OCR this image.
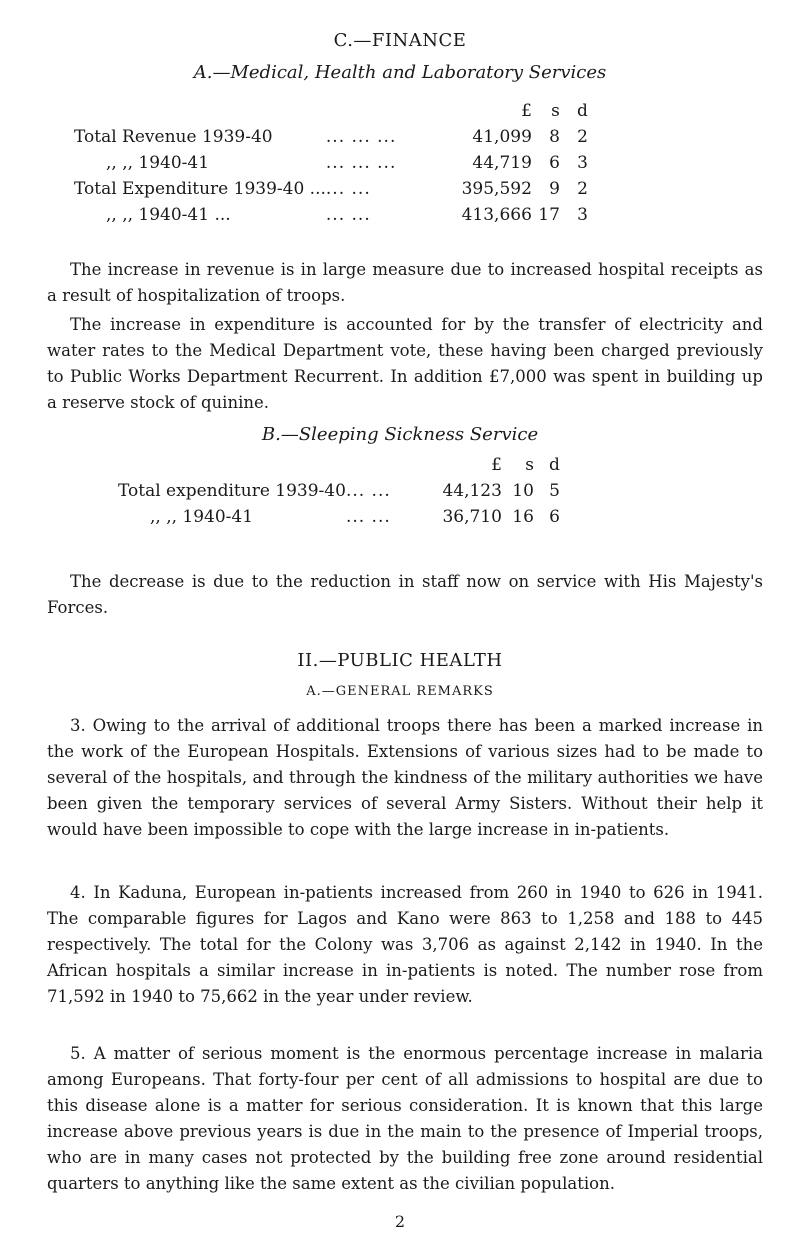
C.—FINANCE
A.—Medical, Health and Laboratory Services
		£	s	d
Total Revenue 1939-40	... ... ...	41,099	8	2
,, ,, 1940-41	... ... ...	44,719	6	3
Total Expenditure 1939-40 ...	... ...	395,592	9	2
,, ,, 1940-41 ...	... ...	413,666	17	3

The increase in revenue is in large measure due to increased hospital receipts as a result of hospitalization of troops.

The increase in expenditure is accounted for by the transfer of electricity and water rates to the Medical Department vote, these having been charged previously to Public Works Department Recurrent. In addition £7,000 was spent in building up a reserve stock of quinine.

B.—Sleeping Sickness Service
		£	s	d
Total expenditure 1939-40	... ...	44,123	10	5
,, ,, 1940-41	... ...	36,710	16	6

The decrease is due to the reduction in staff now on service with His Majesty's Forces.

II.—PUBLIC HEALTH
A.—GENERAL REMARKS

3. Owing to the arrival of additional troops there has been a marked increase in the work of the European Hospitals. Extensions of various sizes had to be made to several of the hospitals, and through the kindness of the military authorities we have been given the temporary services of several Army Sisters. Without their help it would have been impossible to cope with the large increase in in-patients.

4. In Kaduna, European in-patients increased from 260 in 1940 to 626 in 1941. The comparable figures for Lagos and Kano were 863 to 1,258 and 188 to 445 respectively. The total for the Colony was 3,706 as against 2,142 in 1940. In the African hospitals a similar increase in in-patients is noted. The number rose from 71,592 in 1940 to 75,662 in the year under review.

5. A matter of serious moment is the enormous percentage increase in malaria among Europeans. That forty-four per cent of all admissions to hospital are due to this disease alone is a matter for serious consideration. It is known that this large increase above previous years is due in the main to the presence of Imperial troops, who are in many cases not protected by the building free zone around residential quarters to anything like the same extent as the civilian population.

2
